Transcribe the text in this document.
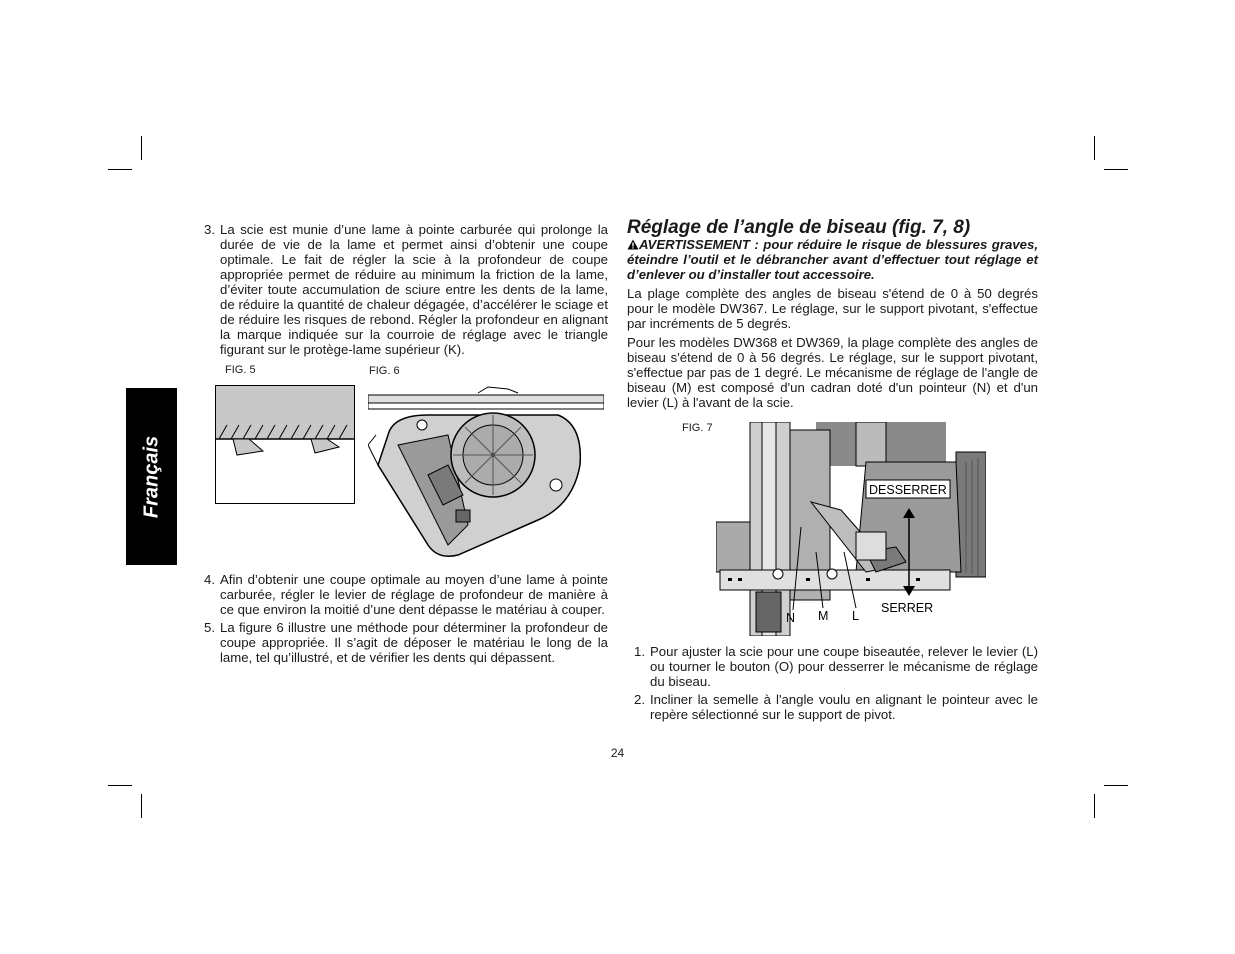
Français
3. La scie est munie d’une lame à pointe carburée qui prolonge la durée de vie de la lame et permet ainsi d’obtenir une coupe optimale. Le fait de régler la scie à la profondeur de coupe appropriée permet de réduire au minimum la friction de la lame, d’éviter toute accumulation de sciure entre les dents de la lame, de réduire la quantité de chaleur dégagée, d’accélérer le sciage et de réduire les risques de rebond. Régler la profondeur en alignant la marque indiquée sur la courroie de réglage avec le triangle figurant sur le protège-lame supérieur (K).
FIG. 5	FIG. 6
4. Afin d’obtenir une coupe optimale au moyen d’une lame à pointe carburée, régler le levier de réglage de profondeur de manière à ce que environ la moitié d’une dent dépasse le matériau à couper.
5. La figure 6 illustre une méthode pour déterminer la profondeur de coupe appropriée. Il s’agit de déposer le matériau le long de la lame, tel qu’illustré, et de vérifier les dents qui dépassent.
Réglage de l’angle de biseau (fig. 7, 8)

AVERTISSEMENT : pour réduire le risque de blessures graves, éteindre l’outil et le débrancher avant d’effectuer tout réglage et d’enlever ou d’installer tout accessoire.

La plage complète des angles de biseau s'étend de 0 à 50 degrés pour le modèle DW367. Le réglage, sur le support pivotant, s'effectue par incréments de 5 degrés.

Pour les modèles DW368 et DW369, la plage complète des angles de biseau s'étend de 0 à 56 degrés. Le réglage, sur le support pivotant, s'effectue par pas de 1 degré. Le mécanisme de réglage de l'angle de biseau (M) est composé d'un cadran doté d'un pointeur (N) et d'un levier (L) à l'avant de la scie.

FIG. 7
DESSERRER
SERRER
N M L
1. Pour ajuster la scie pour une coupe biseautée, relever le levier (L) ou tourner le bouton (O) pour desserrer le mécanisme de réglage du biseau.
2. Incliner la semelle à l'angle voulu en alignant le pointeur avec le repère sélectionné sur le support de pivot.
24
